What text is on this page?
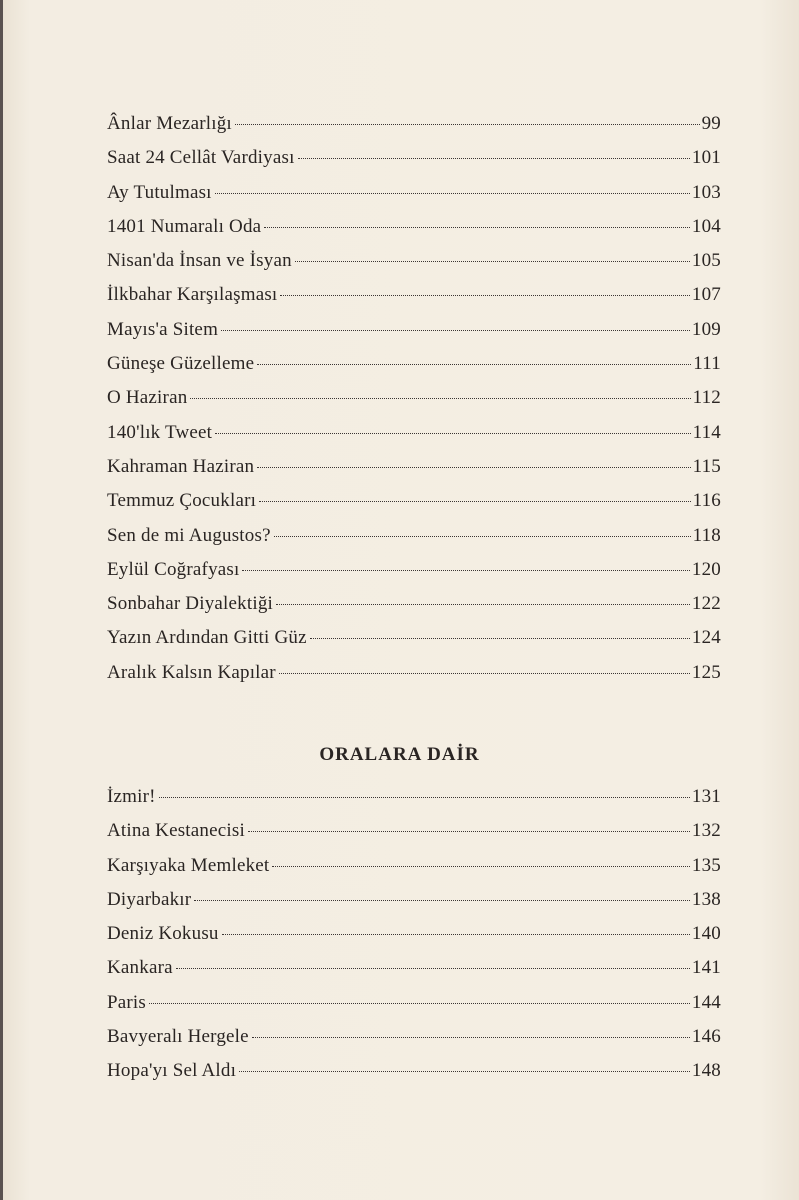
Ânlar Mezarlığı	99
Saat 24 Cellât Vardiyası	101
Ay Tutulması	103
1401 Numaralı Oda	104
Nisan'da İnsan ve İsyan	105
İlkbahar Karşılaşması	107
Mayıs'a Sitem	109
Güneşe Güzelleme	111
O Haziran	112
140'lık Tweet	114
Kahraman Haziran	115
Temmuz Çocukları	116
Sen de mi Augustos?	118
Eylül Coğrafyası	120
Sonbahar Diyalektiği	122
Yazın Ardından Gitti Güz	124
Aralık Kalsın Kapılar	125
ORALARA DAİR
İzmir!	131
Atina Kestanecisi	132
Karşıyaka Memleket	135
Diyarbakır	138
Deniz Kokusu	140
Kankara	141
Paris	144
Bavyeralı Hergele	146
Hopa'yı Sel Aldı	148
